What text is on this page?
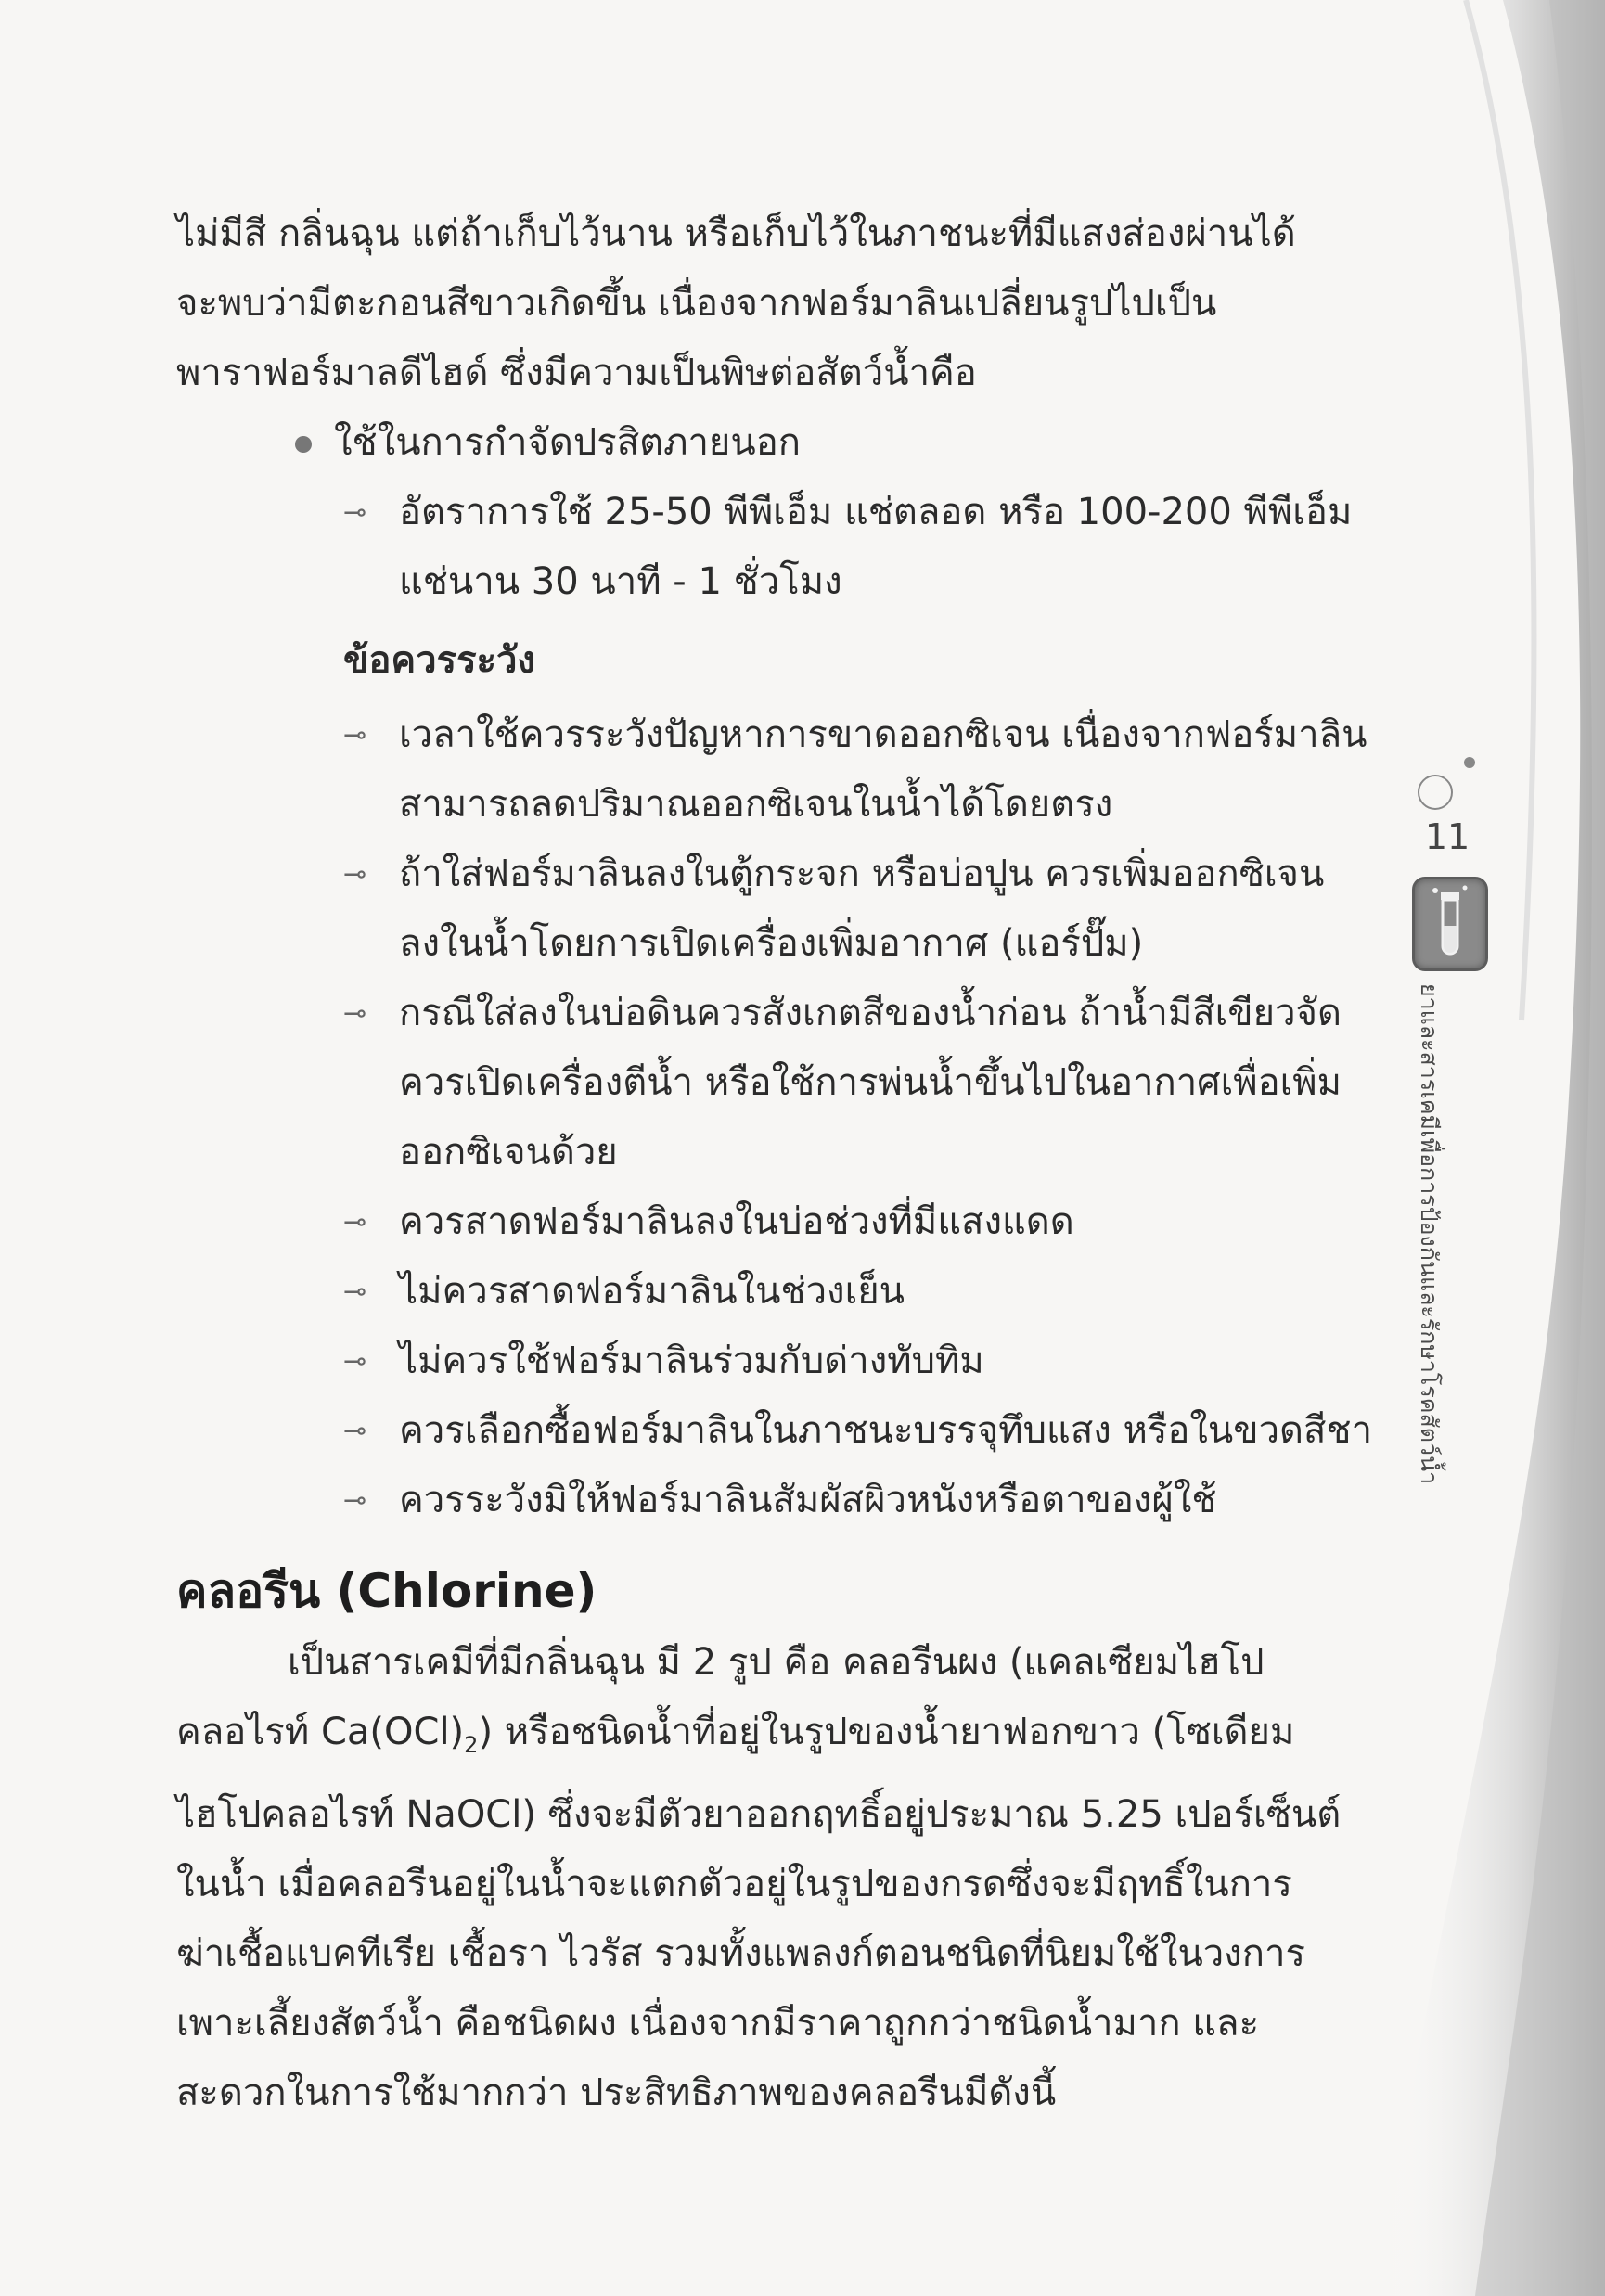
11
ยาและสารเคมีเพื่อการป้องกันและรักษาโรคสัตว์น้ำ

ไม่มีสี กลิ่นฉุน แต่ถ้าเก็บไว้นาน หรือเก็บไว้ในภาชนะที่มีแสงส่องผ่านได้
จะพบว่ามีตะกอนสีขาวเกิดขึ้น เนื่องจากฟอร์มาลินเปลี่ยนรูปไปเป็น
พาราฟอร์มาลดีไฮด์ ซึ่งมีความเป็นพิษต่อสัตว์น้ำคือ

ใช้ในการกำจัดปรสิตภายนอก
⊸ อัตราการใช้ 25-50 พีพีเอ็ม แช่ตลอด หรือ 100-200 พีพีเอ็ม
แช่นาน 30 นาที - 1 ชั่วโมง
ข้อควรระวัง
⊸ เวลาใช้ควรระวังปัญหาการขาดออกซิเจน เนื่องจากฟอร์มาลิน
สามารถลดปริมาณออกซิเจนในน้ำได้โดยตรง
⊸ ถ้าใส่ฟอร์มาลินลงในตู้กระจก หรือบ่อปูน ควรเพิ่มออกซิเจน
ลงในน้ำโดยการเปิดเครื่องเพิ่มอากาศ (แอร์ปั๊ม)
⊸ กรณีใส่ลงในบ่อดินควรสังเกตสีของน้ำก่อน ถ้าน้ำมีสีเขียวจัด
ควรเปิดเครื่องตีน้ำ หรือใช้การพ่นน้ำขึ้นไปในอากาศเพื่อเพิ่ม
ออกซิเจนด้วย
⊸ ควรสาดฟอร์มาลินลงในบ่อช่วงที่มีแสงแดด
⊸ ไม่ควรสาดฟอร์มาลินในช่วงเย็น
⊸ ไม่ควรใช้ฟอร์มาลินร่วมกับด่างทับทิม
⊸ ควรเลือกซื้อฟอร์มาลินในภาชนะบรรจุทึบแสง หรือในขวดสีชา
⊸ ควรระวังมิให้ฟอร์มาลินสัมผัสผิวหนังหรือตาของผู้ใช้
คลอรีน (Chlorine)

เป็นสารเคมีที่มีกลิ่นฉุน มี 2 รูป คือ คลอรีนผง (แคลเซียมไฮโป
คลอไรท์ $Ca(OCl)_2$) หรือชนิดน้ำที่อยู่ในรูปของน้ำยาฟอกขาว (โซเดียม
ไฮโปคลอไรท์ NaOCl) ซึ่งจะมีตัวยาออกฤทธิ์อยู่ประมาณ 5.25 เปอร์เซ็นต์
ในน้ำ เมื่อคลอรีนอยู่ในน้ำจะแตกตัวอยู่ในรูปของกรดซึ่งจะมีฤทธิ์ในการ
ฆ่าเชื้อแบคทีเรีย เชื้อรา ไวรัส รวมทั้งแพลงก์ตอนชนิดที่นิยมใช้ในวงการ
เพาะเลี้ยงสัตว์น้ำ คือชนิดผง เนื่องจากมีราคาถูกกว่าชนิดน้ำมาก และ
สะดวกในการใช้มากกว่า ประสิทธิภาพของคลอรีนมีดังนี้
